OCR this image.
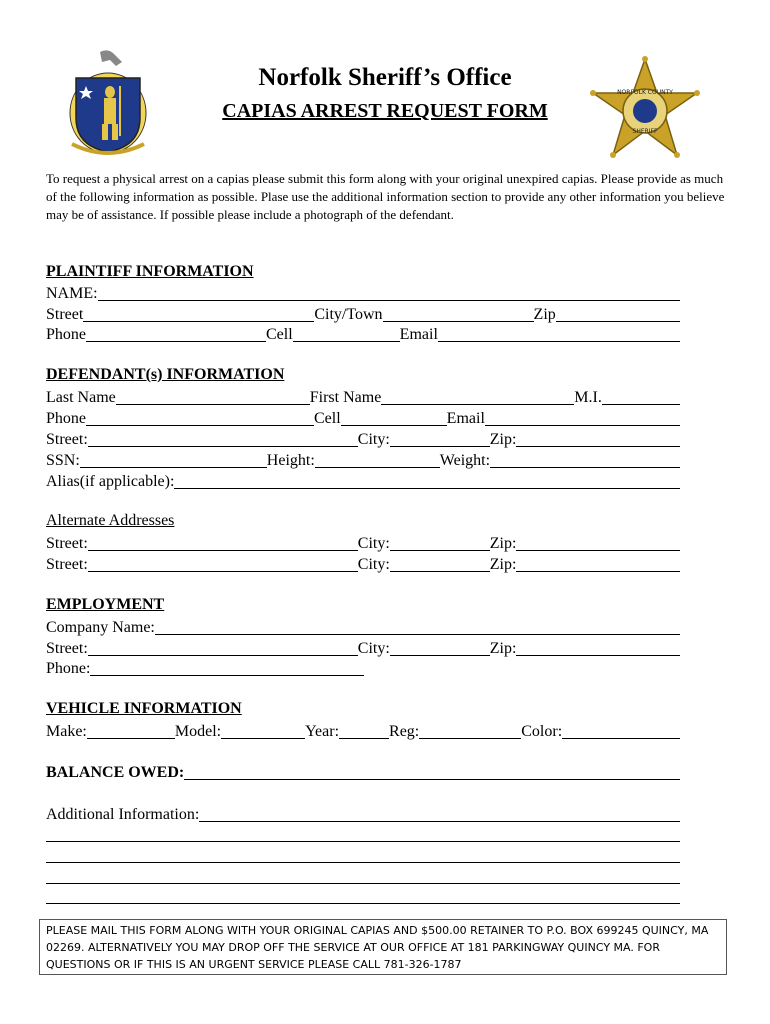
NORFOLK COUNTY
SHERIFF
Norfolk Sheriff’s Office
CAPIAS ARREST REQUEST FORM
To request a physical arrest on a capias please submit this form along with your original unexpired capias. Please provide as much of the following information as possible. Plase use the additional information section to provide any other information you believe may be of assistance. If possible please include a photograph of the defendant.
PLAINTIFF INFORMATION
NAME:
Street	City/Town	Zip
Phone	Cell	Email
DEFENDANT(s) INFORMATION
Last Name	First Name	M.I.
Phone	Cell	Email
Street:	City:	Zip:
SSN:	Height:	Weight:
Alias(if applicable):
Alternate Addresses
Street:	City:	Zip:
Street:	City:	Zip:
EMPLOYMENT
Company Name:
Street:	City:	Zip:
Phone:
VEHICLE INFORMATION
Make:	Model:	Year:	Reg:	Color:
BALANCE OWED:
Additional Information:
PLEASE MAIL THIS FORM ALONG WITH YOUR ORIGINAL CAPIAS AND $500.00 RETAINER TO P.O. BOX 699245 QUINCY, MA 02269. ALTERNATIVELY YOU MAY DROP OFF THE SERVICE AT OUR OFFICE AT 181 PARKINGWAY QUINCY MA. FOR QUESTIONS OR IF THIS IS AN URGENT SERVICE PLEASE CALL 781-326-1787
